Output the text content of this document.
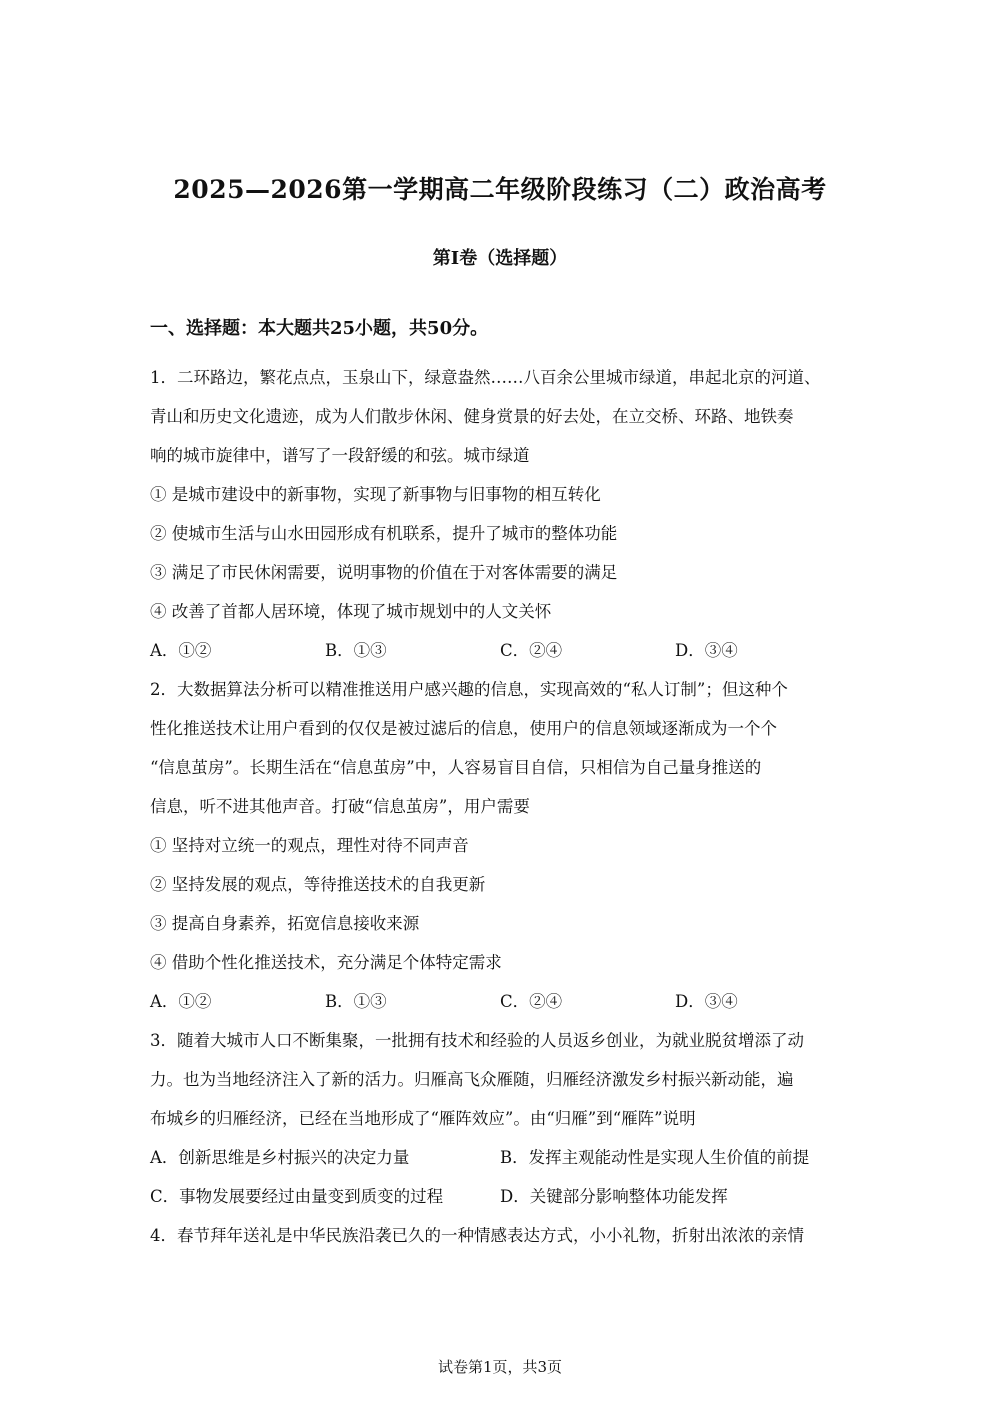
2025—2026第一学期高二年级阶段练习（二）政治高考
第Ⅰ卷（选择题）
一、选择题：本大题共25小题，共50分。
1．二环路边，繁花点点，玉泉山下，绿意盎然……八百余公里城市绿道，串起北京的河道、
青山和历史文化遗迹，成为人们散步休闲、健身赏景的好去处，在立交桥、环路、地铁奏
响的城市旋律中，谱写了一段舒缓的和弦。城市绿道
① 是城市建设中的新事物，实现了新事物与旧事物的相互转化
② 使城市生活与山水田园形成有机联系，提升了城市的整体功能
③ 满足了市民休闲需要，说明事物的价值在于对客体需要的满足
④ 改善了首都人居环境，体现了城市规划中的人文关怀
A．①②	B．①③	C．②④	D．③④
2．大数据算法分析可以精准推送用户感兴趣的信息，实现高效的“私人订制”；但这种个
性化推送技术让用户看到的仅仅是被过滤后的信息，使用户的信息领域逐渐成为一个个
“信息茧房”。长期生活在“信息茧房”中，人容易盲目自信，只相信为自己量身推送的
信息，听不进其他声音。打破“信息茧房”，用户需要
① 坚持对立统一的观点，理性对待不同声音
② 坚持发展的观点，等待推送技术的自我更新
③ 提高自身素养，拓宽信息接收来源
④ 借助个性化推送技术，充分满足个体特定需求
A．①②	B．①③	C．②④	D．③④
3．随着大城市人口不断集聚，一批拥有技术和经验的人员返乡创业，为就业脱贫增添了动
力。也为当地经济注入了新的活力。归雁高飞众雁随，归雁经济激发乡村振兴新动能，遍
布城乡的归雁经济，已经在当地形成了“雁阵效应”。由“归雁”到“雁阵”说明
A．创新思维是乡村振兴的决定力量	B．发挥主观能动性是实现人生价值的前提
C．事物发展要经过由量变到质变的过程	D．关键部分影响整体功能发挥
4．春节拜年送礼是中华民族沿袭已久的一种情感表达方式，小小礼物，折射出浓浓的亲情
试卷第1页，共3页
